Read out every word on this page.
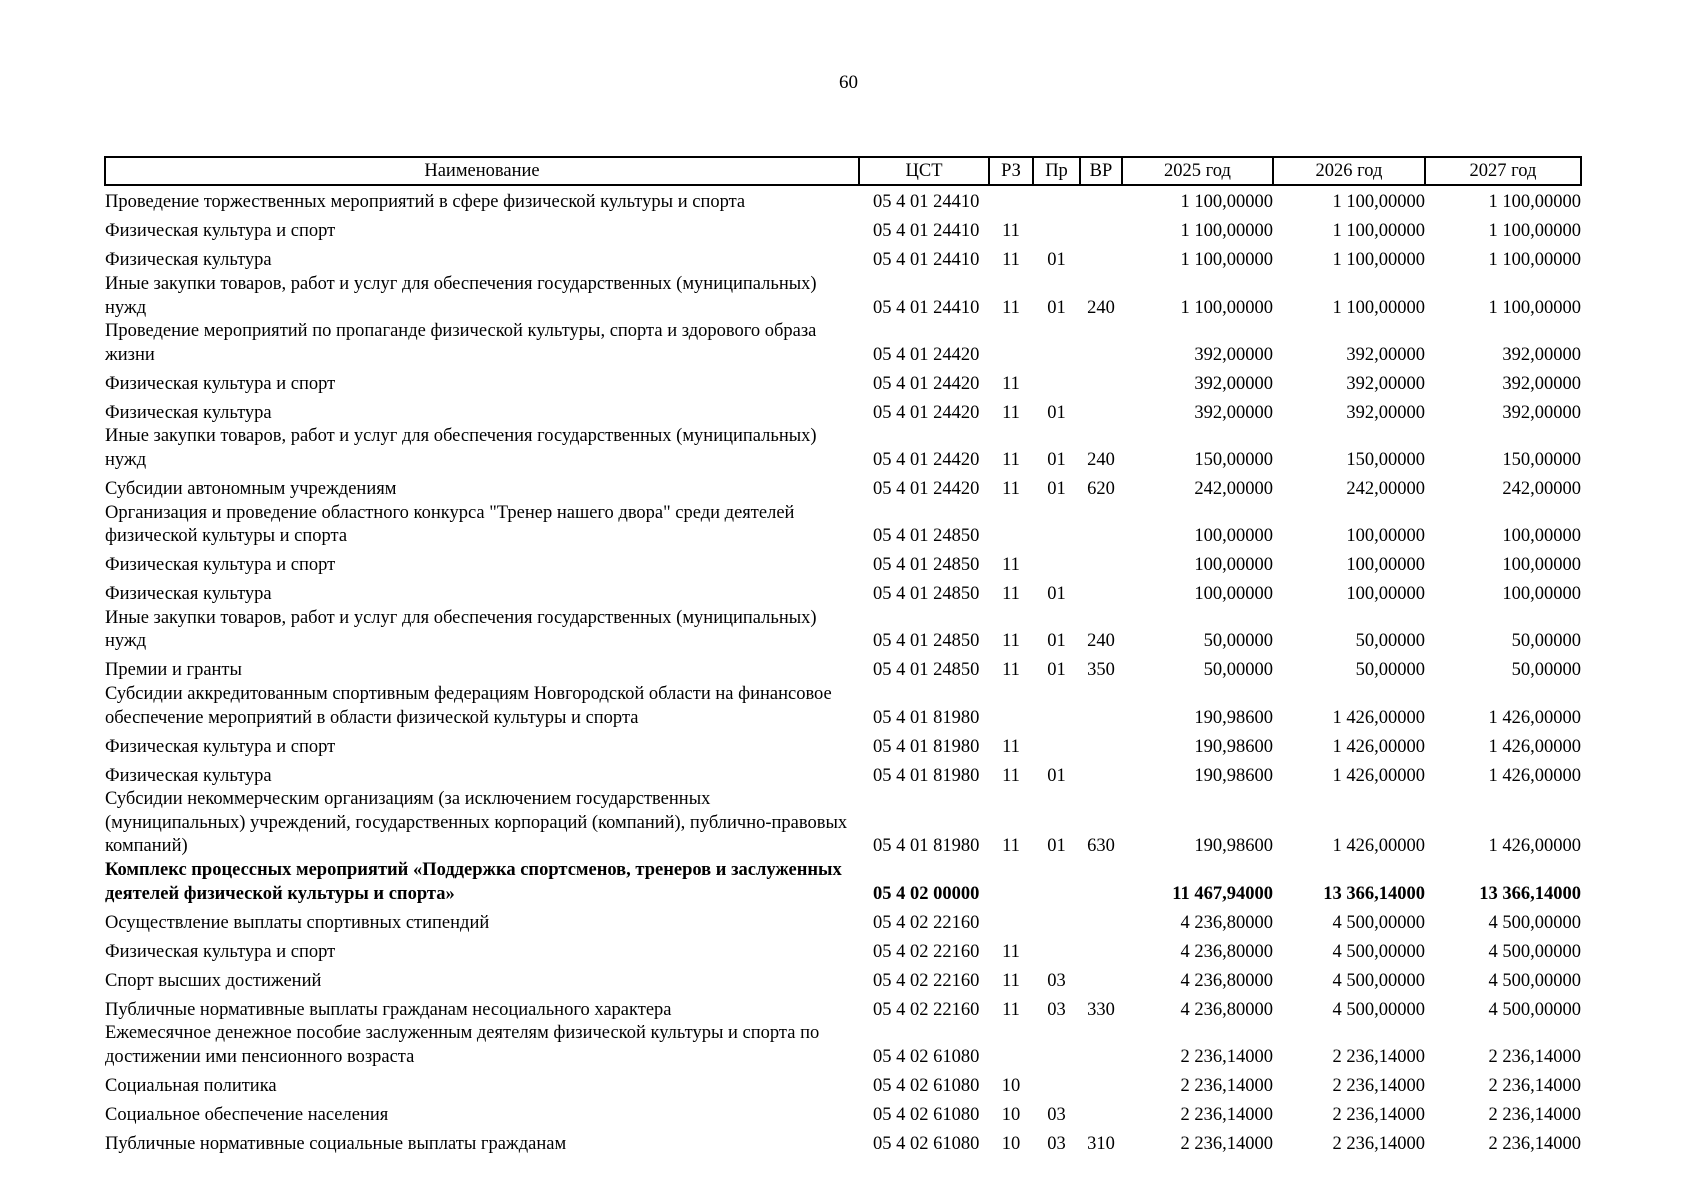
60
Наименование	ЦСТ	РЗ	Пр	ВР	2025 год	2026 год	2027 год
Проведение торжественных мероприятий в сфере физической культуры и спорта	05 4 01 24410				1 100,00000	1 100,00000	1 100,00000
Физическая культура и спорт	05 4 01 24410	11			1 100,00000	1 100,00000	1 100,00000
Физическая культура	05 4 01 24410	11	01		1 100,00000	1 100,00000	1 100,00000
Иные закупки товаров, работ и услуг для обеспечения государственных (муниципальных) нужд	05 4 01 24410	11	01	240	1 100,00000	1 100,00000	1 100,00000
Проведение мероприятий по пропаганде физической культуры, спорта и здорового образа жизни	05 4 01 24420				392,00000	392,00000	392,00000
Физическая культура и спорт	05 4 01 24420	11			392,00000	392,00000	392,00000
Физическая культура	05 4 01 24420	11	01		392,00000	392,00000	392,00000
Иные закупки товаров, работ и услуг для обеспечения государственных (муниципальных) нужд	05 4 01 24420	11	01	240	150,00000	150,00000	150,00000
Субсидии автономным учреждениям	05 4 01 24420	11	01	620	242,00000	242,00000	242,00000
Организация и проведение областного конкурса "Тренер нашего двора" среди деятелей физической культуры и спорта	05 4 01 24850				100,00000	100,00000	100,00000
Физическая культура и спорт	05 4 01 24850	11			100,00000	100,00000	100,00000
Физическая культура	05 4 01 24850	11	01		100,00000	100,00000	100,00000
Иные закупки товаров, работ и услуг для обеспечения государственных (муниципальных) нужд	05 4 01 24850	11	01	240	50,00000	50,00000	50,00000
Премии и гранты	05 4 01 24850	11	01	350	50,00000	50,00000	50,00000
Субсидии аккредитованным спортивным федерациям Новгородской области на финансовое обеспечение мероприятий в области физической культуры и спорта	05 4 01 81980				190,98600	1 426,00000	1 426,00000
Физическая культура и спорт	05 4 01 81980	11			190,98600	1 426,00000	1 426,00000
Физическая культура	05 4 01 81980	11	01		190,98600	1 426,00000	1 426,00000
Субсидии некоммерческим организациям (за исключением государственных (муниципальных) учреждений, государственных корпораций (компаний), публично-правовых компаний)	05 4 01 81980	11	01	630	190,98600	1 426,00000	1 426,00000
Комплекс процессных мероприятий «Поддержка спортсменов, тренеров и заслуженных деятелей физической культуры и спорта»	05 4 02 00000				11 467,94000	13 366,14000	13 366,14000
Осуществление выплаты спортивных стипендий	05 4 02 22160				4 236,80000	4 500,00000	4 500,00000
Физическая культура и спорт	05 4 02 22160	11			4 236,80000	4 500,00000	4 500,00000
Спорт высших достижений	05 4 02 22160	11	03		4 236,80000	4 500,00000	4 500,00000
Публичные нормативные выплаты гражданам несоциального характера	05 4 02 22160	11	03	330	4 236,80000	4 500,00000	4 500,00000
Ежемесячное денежное пособие заслуженным деятелям физической культуры и спорта по достижении ими пенсионного возраста	05 4 02 61080				2 236,14000	2 236,14000	2 236,14000
Социальная политика	05 4 02 61080	10			2 236,14000	2 236,14000	2 236,14000
Социальное обеспечение населения	05 4 02 61080	10	03		2 236,14000	2 236,14000	2 236,14000
Публичные нормативные социальные выплаты гражданам	05 4 02 61080	10	03	310	2 236,14000	2 236,14000	2 236,14000
